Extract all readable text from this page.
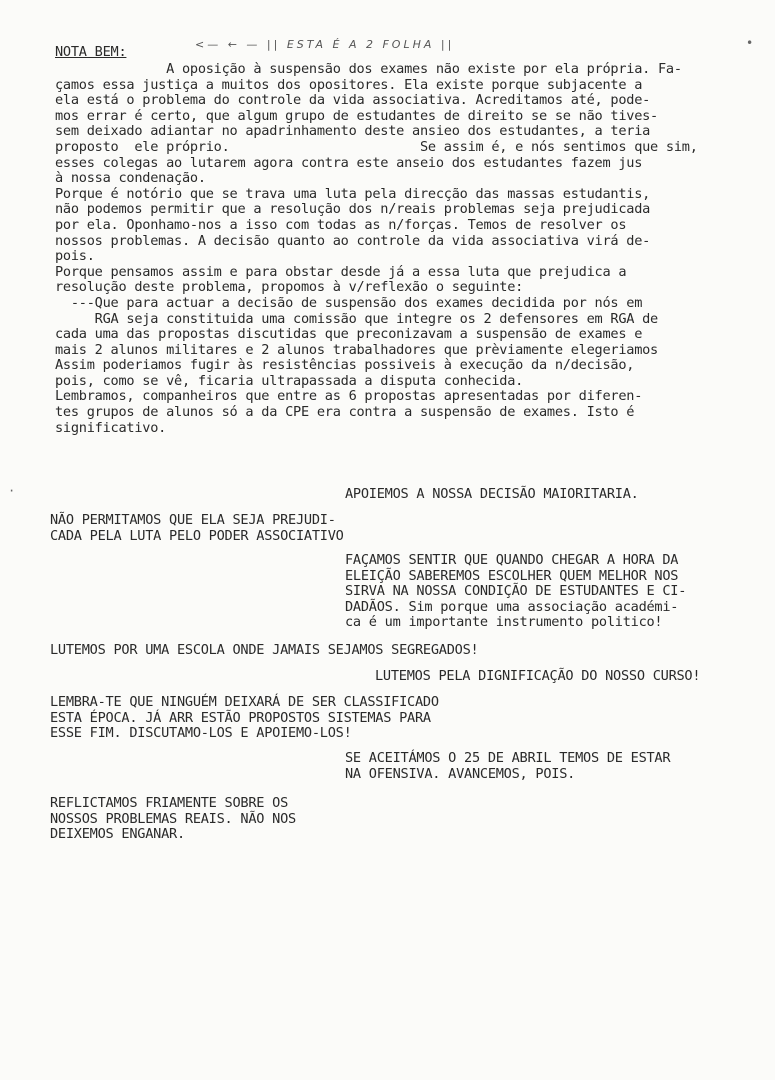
<— ← — || ESTA É A 2 FOLHA ||
NOTA BEM:
A oposição à suspensão dos exames não existe por ela própria. Fa-
çamos essa justiça a muitos dos opositores. Ela existe porque subjacente a
ela está o problema do controle da vida associativa. Acreditamos até, pode-
mos errar é certo, que algum grupo de estudantes de direito se se não tives-
sem deixado adiantar no apadrinhamento deste ansieo dos estudantes, a teria
proposto  ele próprio.                        Se assim é, e nós sentimos que sim,
esses colegas ao lutarem agora contra este anseio dos estudantes fazem jus
à nossa condenação.
Porque é notório que se trava uma luta pela direcção das massas estudantis,
não podemos permitir que a resolução dos n/reais problemas seja prejudicada
por ela. Oponhamo-nos a isso com todas as n/forças. Temos de resolver os
nossos problemas. A decisão quanto ao controle da vida associativa virá de-
pois.
Porque pensamos assim e para obstar desde já a essa luta que prejudica a
resolução deste problema, propomos à v/reflexão o seguinte:
---Que para actuar a decisão de suspensão dos exames decidida por nós em
RGA seja constituida uma comissão que integre os 2 defensores em RGA de
cada uma das propostas discutidas que preconizavam a suspensão de exames e
mais 2 alunos militares e 2 alunos trabalhadores que prèviamente elegeriamos
Assim poderiamos fugir às resistências possiveis à execução da n/decisão,
pois, como se vê, ficaria ultrapassada a disputa conhecida.
Lembramos, companheiros que entre as 6 propostas apresentadas por diferen-
tes grupos de alunos só a da CPE era contra a suspensão de exames. Isto é
significativo.
APOIEMOS A NOSSA DECISÃO MAIORITARIA.
NÃO PERMITAMOS QUE ELA SEJA PREJUDI-
CADA PELA LUTA PELO PODER ASSOCIATIVO
FAÇAMOS SENTIR QUE QUANDO CHEGAR A HORA DA
ELEIÇÃO SABEREMOS ESCOLHER QUEM MELHOR NOS
SIRVA NA NOSSA CONDIÇÃO DE ESTUDANTES E CI-
DADÃOS. Sim porque uma associação académi-
ca é um importante instrumento politico!
LUTEMOS POR UMA ESCOLA ONDE JAMAIS SEJAMOS SEGREGADOS!
LUTEMOS PELA DIGNIFICAÇÃO DO NOSSO CURSO!
LEMBRA-TE QUE NINGUÉM DEIXARÁ DE SER CLASSIFICADO
ESTA ÉPOCA. JÁ ARR ESTÃO PROPOSTOS SISTEMAS PARA
ESSE FIM. DISCUTAMO-LOS E APOIEMO-LOS!
SE ACEITÁMOS O 25 DE ABRIL TEMOS DE ESTAR
NA OFENSIVA. AVANCEMOS, POIS.
REFLICTAMOS FRIAMENTE SOBRE OS
NOSSOS PROBLEMAS REAIS. NÃO NOS
DEIXEMOS ENGANAR.
•
·
